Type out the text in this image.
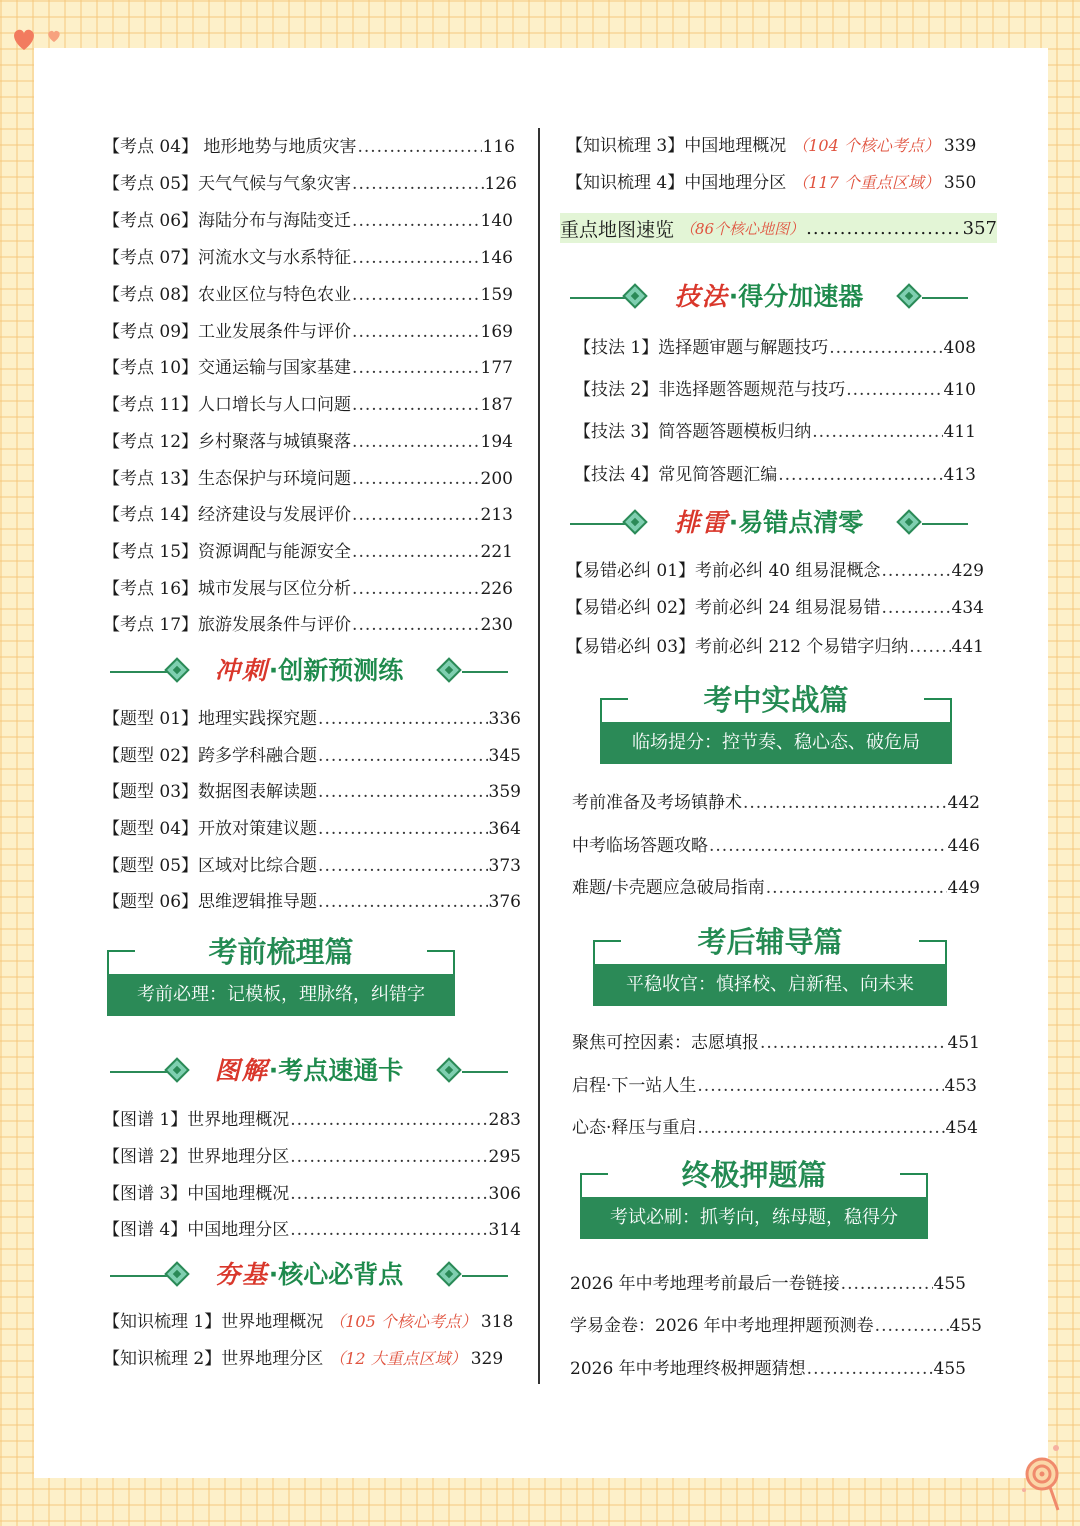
【考点 04】 地形地势与地质灾害 .....	116
【考点 05】天气气候与气象灾害 .....	126
【考点 06】海陆分布与海陆变迁 .....	140
【考点 07】河流水文与水系特征 .....	146
【考点 08】农业区位与特色农业 .....	159
【考点 09】工业发展条件与评价 .....	169
【考点 10】交通运输与国家基建 .....	177
【考点 11】人口增长与人口问题 .....	187
【考点 12】乡村聚落与城镇聚落 .....	194
【考点 13】生态保护与环境问题 .....	200
【考点 14】经济建设与发展评价 .....	213
【考点 15】资源调配与能源安全 .....	221
【考点 16】城市发展与区位分析 .....	226
【考点 17】旅游发展条件与评价 .....	230
冲刺·创新预测练
【题型 01】地理实践探究题 .....	336
【题型 02】跨多学科融合题 .....	345
【题型 03】数据图表解读题 .....	359
【题型 04】开放对策建议题 .....	364
【题型 05】区域对比综合题 .....	373
【题型 06】思维逻辑推导题 .....	376
考前梳理篇
考前必理：记模板，理脉络，纠错字
图解·考点速通卡
【图谱 1】世界地理概况 .....	283
【图谱 2】世界地理分区 .....	295
【图谱 3】中国地理概况 .....	306
【图谱 4】中国地理分区 .....	314
夯基·核心必背点
【知识梳理 1】世界地理概况 （105 个核心考点） 318
【知识梳理 2】世界地理分区 （12 大重点区域） 329
【知识梳理 3】中国地理概况 （104 个核心考点） 339
【知识梳理 4】中国地理分区 （117 个重点区域） 350
重点地图速览 （86个核心地图） .....	357
技法·得分加速器
【技法 1】选择题审题与解题技巧 .....	408
【技法 2】非选择题答题规范与技巧 .....	410
【技法 3】简答题答题模板归纳 .....	411
【技法 4】常见简答题汇编 .....	413
排雷·易错点清零
【易错必纠 01】考前必纠 40 组易混概念 .....	429
【易错必纠 02】考前必纠 24 组易混易错 .....	434
【易错必纠 03】考前必纠 212 个易错字归纳 .....	441
考中实战篇
临场提分：控节奏、稳心态、破危局
考前准备及考场镇静术 .....	442
中考临场答题攻略 .....	446
难题/卡壳题应急破局指南 .....	449
考后辅导篇
平稳收官：慎择校、启新程、向未来
聚焦可控因素：志愿填报 .....	451
启程·下一站人生 .....	453
心态·释压与重启 .....	454
终极押题篇
考试必刷：抓考向，练母题，稳得分
2026 年中考地理考前最后一卷链接 .....	455
学易金卷：2026 年中考地理押题预测卷 .....	455
2026 年中考地理终极押题猜想 .....	455
